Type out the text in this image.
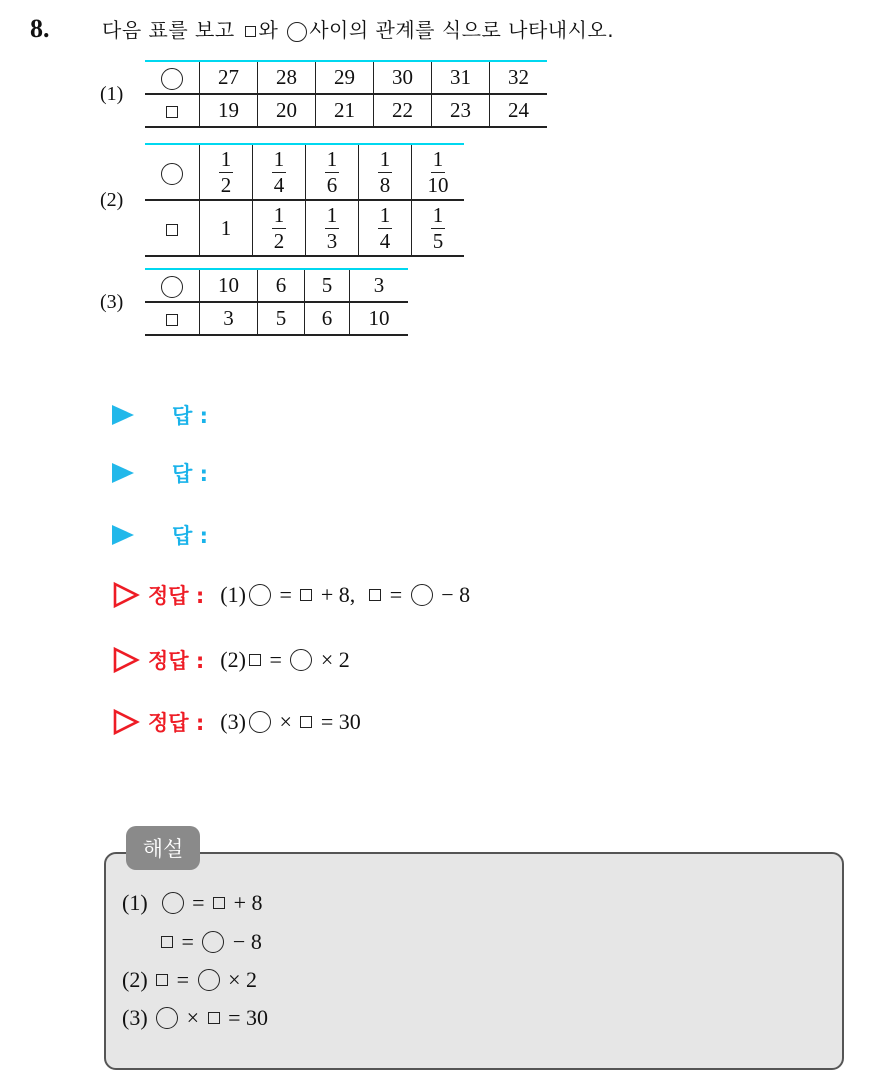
8.	다음 표를 보고 와 사이의 관계를 식으로 나타내시오.
(1)
	27	28	29	30	31	32
	19	20	21	22	23	24
(2)

	$\frac{1}{2}$	$\frac{1}{4}$	$\frac{1}{6}$	$\frac{1}{8}$	$\frac{1}{10}$

	1	$\frac{1}{2}$	$\frac{1}{3}$	$\frac{1}{4}$	$\frac{1}{5}$
(3)
	10	6	5	3
	3	5	6	10
답 :
답 :
답 :
정답 : (1) = + 8, = − 8
정답 : (2) = × 2
정답 : (3) × = 30
해설
(1) = + 8
= − 8
(2) = × 2
(3) × = 30
